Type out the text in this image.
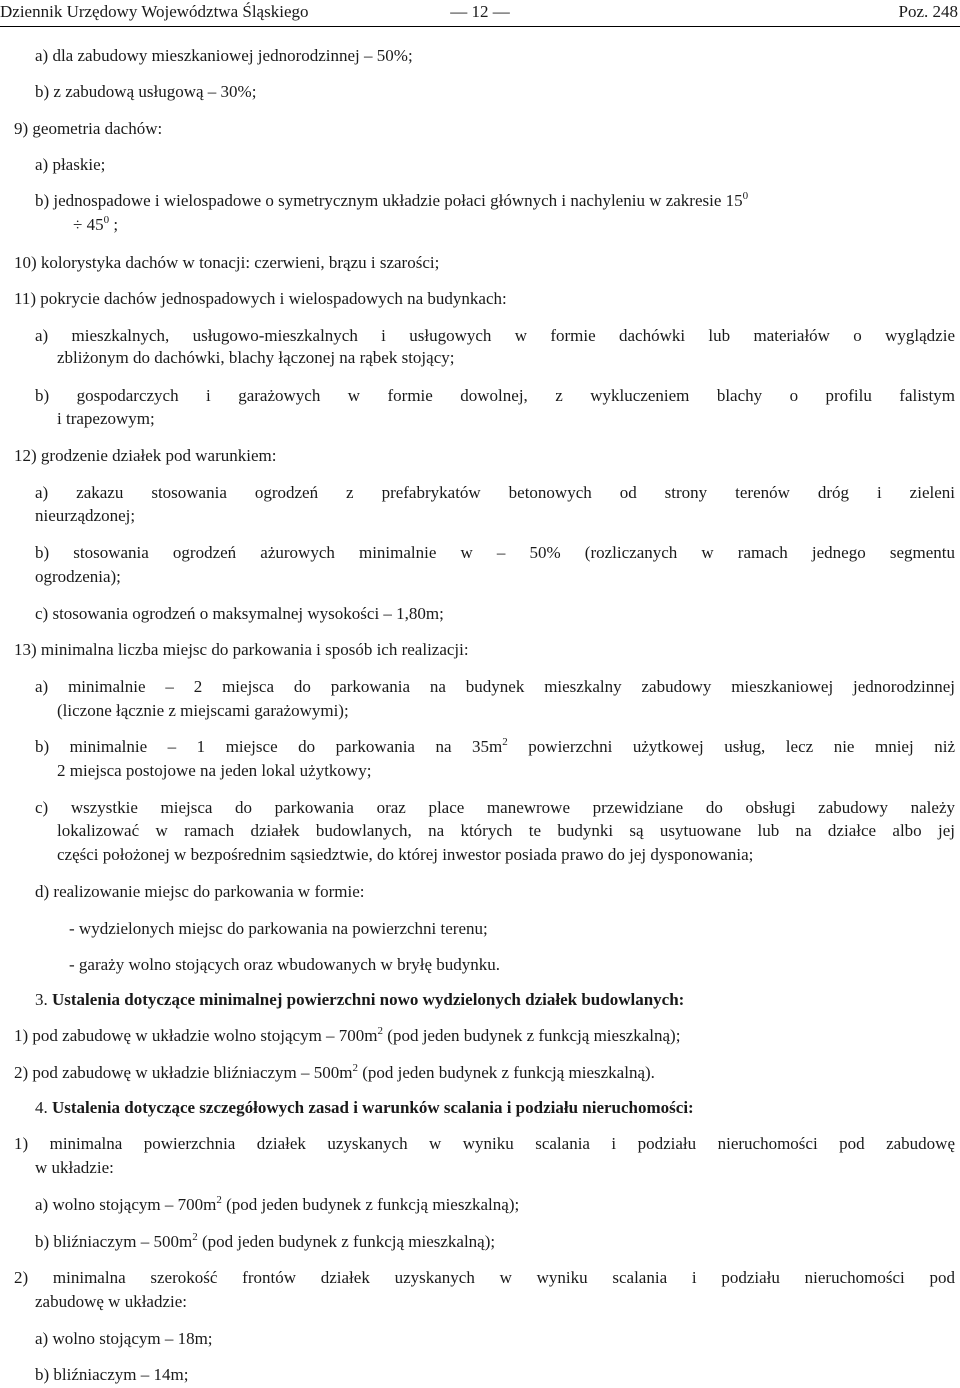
— 12 —
Dziennik Urzędowy Województwa Śląskiego	Poz. 248
a) dla zabudowy mieszkaniowej jednorodzinnej – 50%;
b) z zabudową usługową – 30%;
9) geometria dachów:
a) płaskie;
b) jednospadowe i wielospadowe o symetrycznym układzie połaci głównych i nachyleniu w zakresie $15^0$
÷ $45^0$ ;
10) kolorystyka dachów w tonacji: czerwieni, brązu i szarości;
11) pokrycie dachów jednospadowych i wielospadowych na budynkach:
a) mieszkalnych, usługowo-mieszkalnych i usługowych w formie dachówki lub materiałów o wyglądzie
zbliżonym do dachówki, blachy łączonej na rąbek stojący;
b) gospodarczych i garażowych w formie dowolnej, z wykluczeniem blachy o profilu falistym
i trapezowym;
12) grodzenie działek pod warunkiem:
a) zakazu stosowania ogrodzeń z prefabrykatów betonowych od strony terenów dróg i zieleni
nieurządzonej;
b) stosowania ogrodzeń ażurowych minimalnie w – 50% (rozliczanych w ramach jednego segmentu
ogrodzenia);
c) stosowania ogrodzeń o maksymalnej wysokości – 1,80m;
13) minimalna liczba miejsc do parkowania i sposób ich realizacji:
a) minimalnie – 2 miejsca do parkowania na budynek mieszkalny zabudowy mieszkaniowej jednorodzinnej
(liczone łącznie z miejscami garażowymi);
b) minimalnie – 1 miejsce do parkowania na $35m^2$ powierzchni użytkowej usług, lecz nie mniej niż
2 miejsca postojowe na jeden lokal użytkowy;
c) wszystkie miejsca do parkowania oraz place manewrowe przewidziane do obsługi zabudowy należy
lokalizować w ramach działek budowlanych, na których te budynki są usytuowane lub na działce albo jej
części położonej w bezpośrednim sąsiedztwie, do której inwestor posiada prawo do jej dysponowania;
d) realizowanie miejsc do parkowania w formie:
- wydzielonych miejsc do parkowania na powierzchni terenu;
- garaży wolno stojących oraz wbudowanych w bryłę budynku.
3. Ustalenia dotyczące minimalnej powierzchni nowo wydzielonych działek budowlanych:
1) pod zabudowę w układzie wolno stojącym – $700m^2$ (pod jeden budynek z funkcją mieszkalną);
2) pod zabudowę w układzie bliźniaczym – $500m^2$ (pod jeden budynek z funkcją mieszkalną).
4. Ustalenia dotyczące szczegółowych zasad i warunków scalania i podziału nieruchomości:
1) minimalna powierzchnia działek uzyskanych w wyniku scalania i podziału nieruchomości pod zabudowę
w układzie:
a) wolno stojącym – $700m^2$ (pod jeden budynek z funkcją mieszkalną);
b) bliźniaczym – $500m^2$ (pod jeden budynek z funkcją mieszkalną);
2) minimalna szerokość frontów działek uzyskanych w wyniku scalania i podziału nieruchomości pod
zabudowę w układzie:
a) wolno stojącym – 18m;
b) bliźniaczym – 14m;
